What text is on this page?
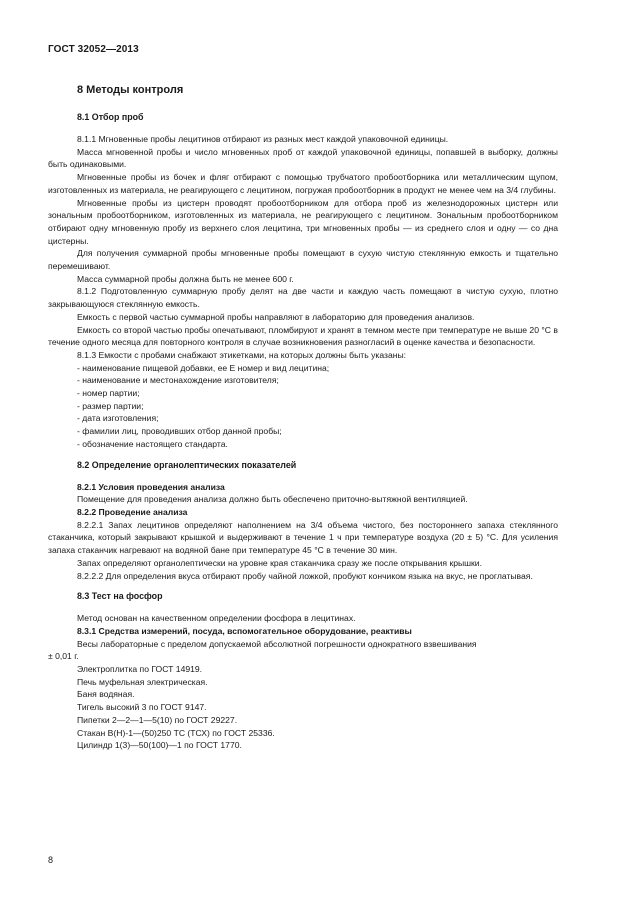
ГОСТ 32052—2013
8 Методы контроля
8.1 Отбор проб

8.1.1 Мгновенные пробы лецитинов отбирают из разных мест каждой упаковочной единицы.

Масса мгновенной пробы и число мгновенных проб от каждой упаковочной единицы, попавшей в выборку, должны быть одинаковыми.

Мгновенные пробы из бочек и фляг отбирают с помощью трубчатого пробоотборника или металлическим щупом, изготовленных из материала, не реагирующего с лецитином, погружая пробоотборник в продукт не менее чем на 3/4 глубины.

Мгновенные пробы из цистерн проводят пробоотборником для отбора проб из железнодорожных цистерн или зональным пробоотборником, изготовленных из материала, не реагирующего с лецитином. Зональным пробоотборником отбирают одну мгновенную пробу из верхнего слоя лецитина, три мгновенных пробы — из среднего слоя и одну — со дна цистерны.

Для получения суммарной пробы мгновенные пробы помещают в сухую чистую стеклянную емкость и тщательно перемешивают.

Масса суммарной пробы должна быть не менее 600 г.

8.1.2 Подготовленную суммарную пробу делят на две части и каждую часть помещают в чистую сухую, плотно закрывающуюся стеклянную емкость.

Емкость с первой частью суммарной пробы направляют в лабораторию для проведения анализов.

Емкость со второй частью пробы опечатывают, пломбируют и хранят в темном месте при температуре не выше 20 °С в течение одного месяца для повторного контроля в случае возникновения разногласий в оценке качества и безопасности.

8.1.3 Емкости с пробами снабжают этикетками, на которых должны быть указаны:

- наименование пищевой добавки, ее Е номер и вид лецитина;

- наименование и местонахождение изготовителя;

- номер партии;

- размер партии;

- дата изготовления;

- фамилии лиц, проводивших отбор данной пробы;

- обозначение настоящего стандарта.

8.2 Определение органолептических показателей
8.2.1 Условия проведения анализа

Помещение для проведения анализа должно быть обеспечено приточно-вытяжной вентиляцией.

8.2.2 Проведение анализа

8.2.2.1 Запах лецитинов определяют наполнением на 3/4 объема чистого, без постороннего запаха стеклянного стаканчика, который закрывают крышкой и выдерживают в течение 1 ч при температуре воздуха (20 ± 5) °С. Для усиления запаха стаканчик нагревают на водяной бане при температуре 45 °С в течение 30 мин.

Запах определяют органолептически на уровне края стаканчика сразу же после открывания крышки.

8.2.2.2 Для определения вкуса отбирают пробу чайной ложкой, пробуют кончиком языка на вкус, не проглатывая.

8.3 Тест на фосфор

Метод основан на качественном определении фосфора в лецитинах.

8.3.1 Средства измерений, посуда, вспомогательное оборудование, реактивы

Весы лабораторные с пределом допускаемой абсолютной погрешности однократного взвешивания

± 0,01 г.

Электроплитка по ГОСТ 14919.

Печь муфельная электрическая.

Баня водяная.

Тигель высокий 3 по ГОСТ 9147.

Пипетки 2—2—1—5(10) по ГОСТ 29227.

Стакан В(Н)-1—(50)250 ТС (ТСХ) по ГОСТ 25336.

Цилиндр 1(3)—50(100)—1 по ГОСТ 1770.

8
